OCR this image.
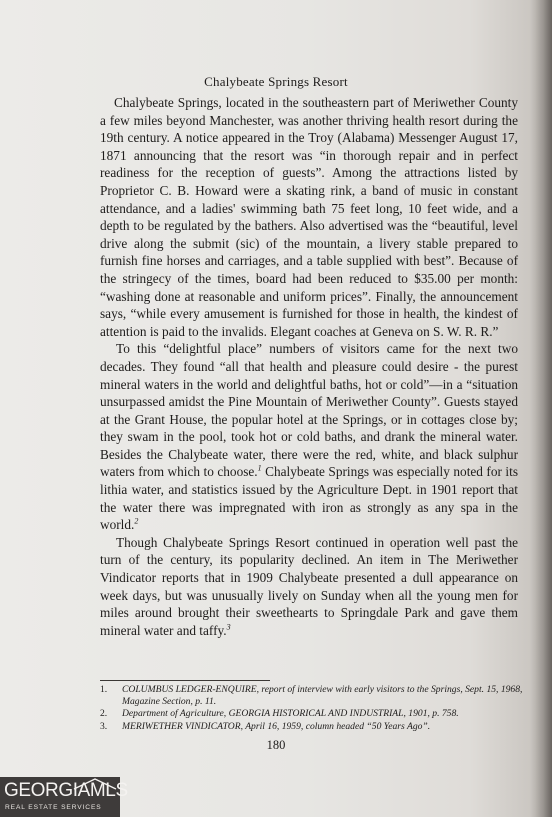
Chalybeate Springs Resort

Chalybeate Springs, located in the southeastern part of Meriwether County a few miles beyond Manchester, was another thriving health resort during the 19th century. A notice appeared in the Troy (Alabama) Messenger August 17, 1871 announcing that the resort was “in thorough repair and in perfect readiness for the reception of guests”. Among the attractions listed by Proprietor C. B. Howard were a skating rink, a band of music in constant attendance, and a ladies' swimming bath 75 feet long, 10 feet wide, and a depth to be regulated by the bathers. Also advertised was the “beautiful, level drive along the submit (sic) of the mountain, a livery stable prepared to furnish fine horses and carriages, and a table supplied with best”. Because of the stringecy of the times, board had been reduced to $35.00 per month: “washing done at reasonable and uniform prices”. Finally, the announcement says, “while every amusement is furnished for those in health, the kindest of attention is paid to the invalids. Elegant coaches at Geneva on S. W. R. R.”

To this “delightful place” numbers of visitors came for the next two decades. They found “all that health and pleasure could desire - the purest mineral waters in the world and delightful baths, hot or cold”—in a “situation unsurpassed amidst the Pine Mountain of Meriwether County”. Guests stayed at the Grant House, the popular hotel at the Springs, or in cottages close by; they swam in the pool, took hot or cold baths, and drank the mineral water. Besides the Chalybeate water, there were the red, white, and black sulphur waters from which to choose.$^1$ Chalybeate Springs was especially noted for its lithia water, and statistics issued by the Agriculture Dept. in 1901 report that the water there was impregnated with iron as strongly as any spa in the world.$^2$

Though Chalybeate Springs Resort continued in operation well past the turn of the century, its popularity declined. An item in The Meriwether Vindicator reports that in 1909 Chalybeate presented a dull appearance on week days, but was unusually lively on Sunday when all the young men for miles around brought their sweethearts to Springdale Park and gave them mineral water and taffy.$^3$

1.	COLUMBUS LEDGER-ENQUIRE, report of interview with early visitors to the Springs, Sept. 15, 1968, Magazine Section, p. 11.
2.	Department of Agriculture, GEORGIA HISTORICAL AND INDUSTRIAL, 1901, p. 758.
3.	MERIWETHER VINDICATOR, April 16, 1959, column headed “50 Years Ago”.
180
GEORGIAMLS
REAL ESTATE SERVICES
